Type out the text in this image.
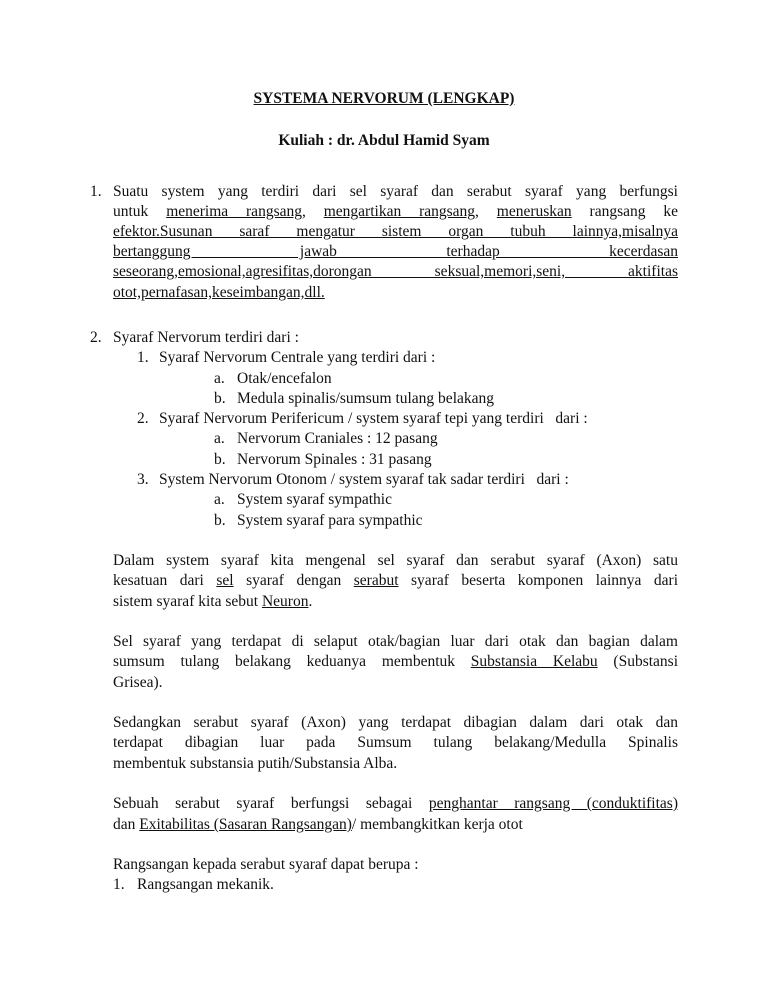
SYSTEMA NERVORUM (LENGKAP)
Kuliah : dr. Abdul Hamid Syam
1. Suatu system yang terdiri dari sel syaraf dan serabut syaraf yang berfungsi
untuk menerima rangsang, mengartikan rangsang, meneruskan rangsang ke
efektor.Susunan saraf mengatur sistem organ tubuh lainnya,misalnya
bertanggung jawab terhadap kecerdasan
seseorang,emosional,agresifitas,dorongan seksual,memori,seni, aktifitas
otot,pernafasan,keseimbangan,dll.
2. Syaraf Nervorum terdiri dari :
1. Syaraf Nervorum Centrale yang terdiri dari :
a. Otak/encefalon
b. Medula spinalis/sumsum tulang belakang
2. Syaraf Nervorum Perifericum / system syaraf tepi yang terdiri   dari :
a. Nervorum Craniales : 12 pasang
b. Nervorum Spinales : 31 pasang
3. System Nervorum Otonom / system syaraf tak sadar terdiri   dari :
a. System syaraf sympathic
b. System syaraf para sympathic
Dalam system syaraf kita mengenal sel syaraf dan serabut syaraf (Axon) satu
kesatuan dari sel syaraf dengan serabut syaraf beserta komponen lainnya dari
sistem syaraf kita sebut Neuron.
Sel syaraf yang terdapat di selaput otak/bagian luar dari otak dan bagian dalam
sumsum tulang belakang keduanya membentuk Substansia Kelabu (Substansi
Grisea).
Sedangkan serabut syaraf (Axon) yang terdapat dibagian dalam dari otak dan
terdapat dibagian luar pada Sumsum tulang belakang/Medulla Spinalis
membentuk substansia putih/Substansia Alba.
Sebuah serabut syaraf berfungsi sebagai penghantar rangsang (conduktifitas)
dan Exitabilitas (Sasaran Rangsangan)/ membangkitkan kerja otot
Rangsangan kepada serabut syaraf dapat berupa :
1. Rangsangan mekanik.
